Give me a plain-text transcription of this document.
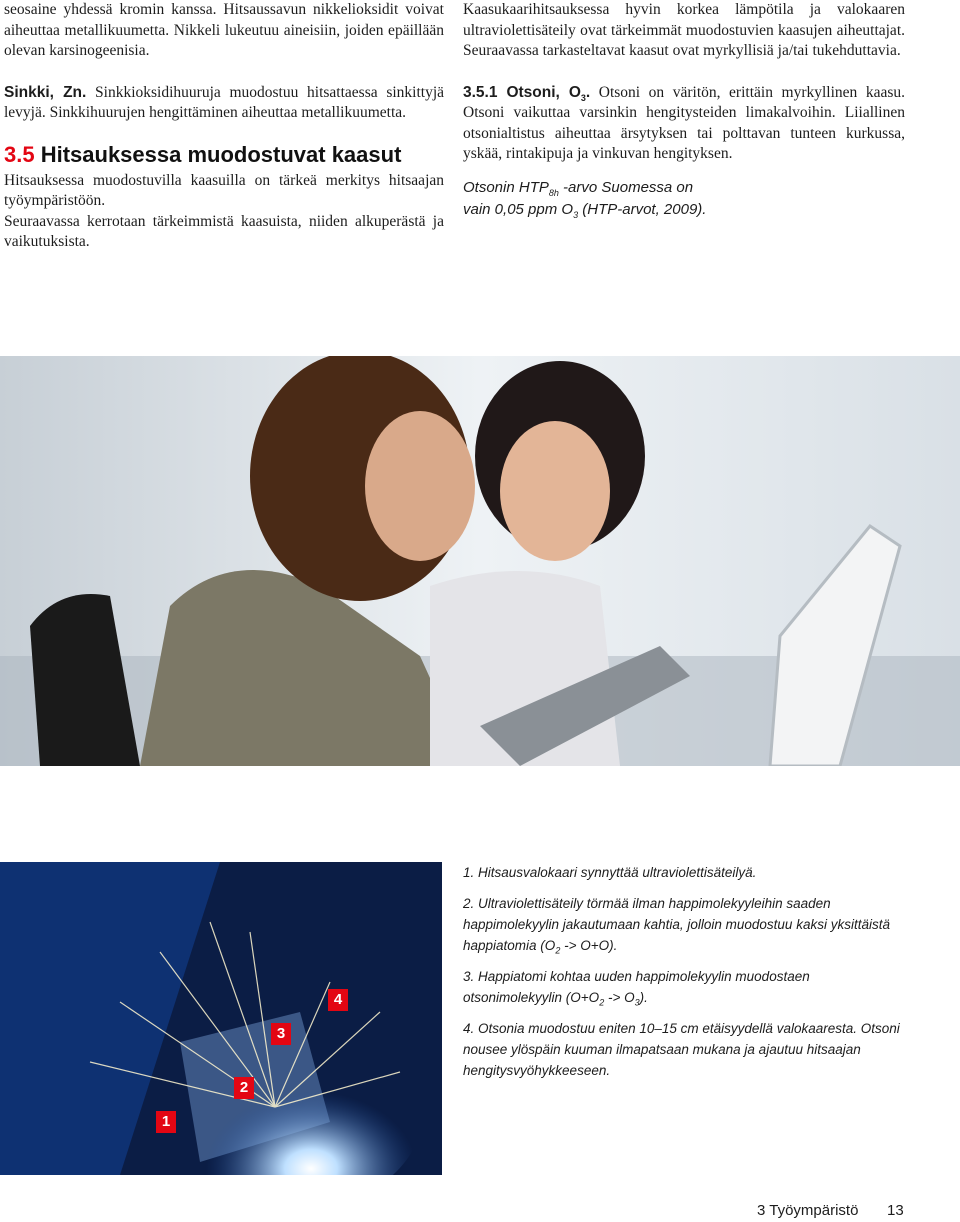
seosaine yhdessä kromin kanssa. Hitsaussavun nikkelioksidit voivat aiheuttaa metallikuumetta. Nikkeli lukeutuu aineisiin, joiden epäillään olevan karsinogeenisia.

Sinkki, Zn. Sinkkioksidihuuruja muodostuu hitsattaessa sinkittyjä levyjä. Sinkkihuurujen hengittäminen aiheuttaa metallikuumetta.

3.5 Hitsauksessa muodostuvat kaasut

Hitsauksessa muodostuvilla kaasuilla on tärkeä merkitys hitsaajan työympäristöön.

Seuraavassa kerrotaan tärkeimmistä kaasuista, niiden alkuperästä ja vaikutuksista.

Kaasukaarihitsauksessa hyvin korkea lämpötila ja valokaaren ultraviolettisäteily ovat tärkeimmät muodostuvien kaasujen aiheuttajat. Seuraavassa tarkasteltavat kaasut ovat myrkyllisiä ja/tai tukehduttavia.

3.5.1 Otsoni, $O_3$. Otsoni on väritön, erittäin myrkyllinen kaasu. Otsoni vaikuttaa varsinkin hengitysteiden limakalvoihin. Liiallinen otsonialtistus aiheuttaa ärsytyksen tai polttavan tunteen kurkussa, yskää, rintakipuja ja vinkuvan hengityksen.

Otsonin $HTP_{8h}$ -arvo Suomessa on
vain 0,05 ppm $O_3$ (HTP-arvot, 2009).

1
2
3
4

1. Hitsausvalokaari synnyttää ultraviolettisäteilyä.

2. Ultraviolettisäteily törmää ilman happimolekyyleihin saaden happimolekyylin jakautumaan kahtia, jolloin muodostuu kaksi yksittäistä happiatomia $(O_2 -> O+O)$.

3. Happiatomi kohtaa uuden happimolekyylin muodostaen otsonimolekyylin $(O+O_2 -> O_3)$.

4. Otsonia muodostuu eniten 10–15 cm etäisyydellä valokaaresta. Otsoni nousee ylöspäin kuuman ilmapatsaan mukana ja ajautuu hitsaajan hengitysvyöhykkeeseen.

3 Työympäristö 13
